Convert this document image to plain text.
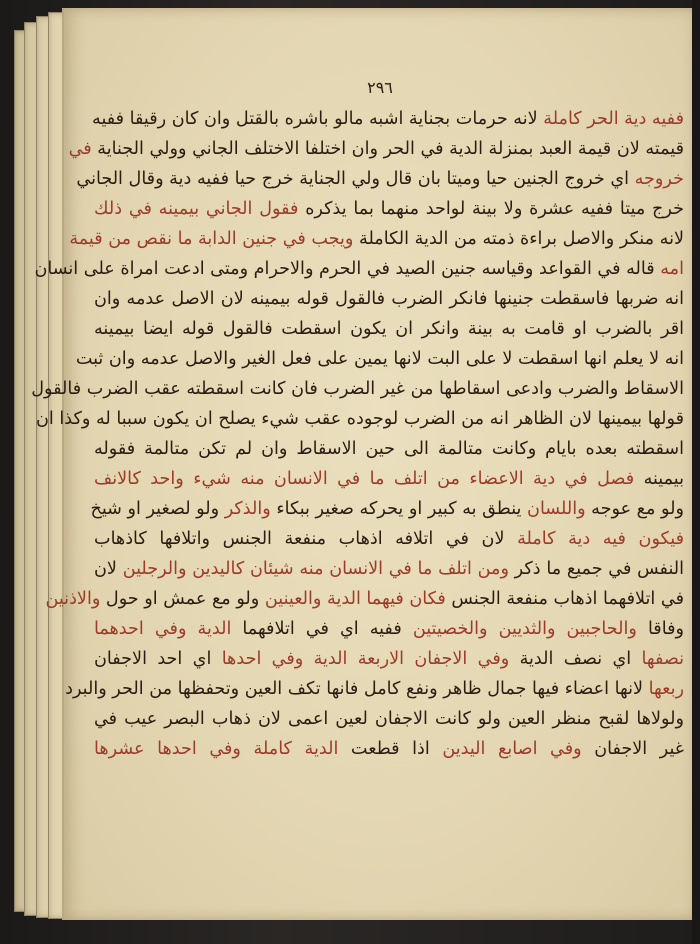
٢٩٦
ففيه دية الحر كاملة لانه حرمات بجناية اشبه مالو باشره بالقتل وان كان رقيقا ففيه
قيمته لان قيمة العبد بمنزلة الدية في الحر وان اختلفا الاختلف الجاني وولي الجناية في
خروجه اي خروج الجنين حيا وميتا بان قال ولي الجناية خرج حيا ففيه دية وقال الجاني
خرج ميتا ففيه عشرة ولا بينة لواحد منهما بما يذكره فقول الجاني بيمينه في ذلك
لانه منكر والاصل براءة ذمته من الدية الكاملة ويجب في جنين الدابة ما نقص من قيمة
امه قاله في القواعد وقياسه جنين الصيد في الحرم والاحرام ومتى ادعت امراة على انسان
انه ضربها فاسقطت جنينها فانكر الضرب فالقول قوله بيمينه لان الاصل عدمه وان
اقر بالضرب او قامت به بينة وانكر ان يكون اسقطت فالقول قوله ايضا بيمينه
انه لا يعلم انها اسقطت لا على البت لانها يمين على فعل الغير والاصل عدمه وان ثبت
الاسقاط والضرب وادعى اسقاطها من غير الضرب فان كانت اسقطته عقب الضرب فالقول
قولها بيمينها لان الظاهر انه من الضرب لوجوده عقب شيء يصلح ان يكون سببا له وكذا ان
اسقطته بعده بايام وكانت متالمة الى حين الاسقاط وان لم تكن متالمة فقوله
بيمينه فصل في دية الاعضاء من اتلف ما في الانسان منه شيء واحد كالانف
ولو مع عوجه واللسان ينطق به كبير او يحركه صغير ببكاء والذكر ولو لصغير او شيخ
فيكون فيه دية كاملة لان في اتلافه اذهاب منفعة الجنس واتلافها كاذهاب
النفس في جميع ما ذكر ومن اتلف ما في الانسان منه شيئان كاليدين والرجلين لان
في اتلافهما اذهاب منفعة الجنس فكان فيهما الدية والعينين ولو مع عمش او حول والاذنين
وفاقا والحاجبين والثديين والخصيتين ففيه اي في اتلافهما الدية وفي احدهما
نصفها اي نصف الدية وفي الاجفان الاربعة الدية وفي احدها اي احد الاجفان
ربعها لانها اعضاء فيها جمال ظاهر ونفع كامل فانها تكف العين وتحفظها من الحر والبرد
ولولاها لقبح منظر العين ولو كانت الاجفان لعين اعمى لان ذهاب البصر عيب في
غير الاجفان وفي اصابع اليدين اذا قطعت الدية كاملة وفي احدها عشرها
